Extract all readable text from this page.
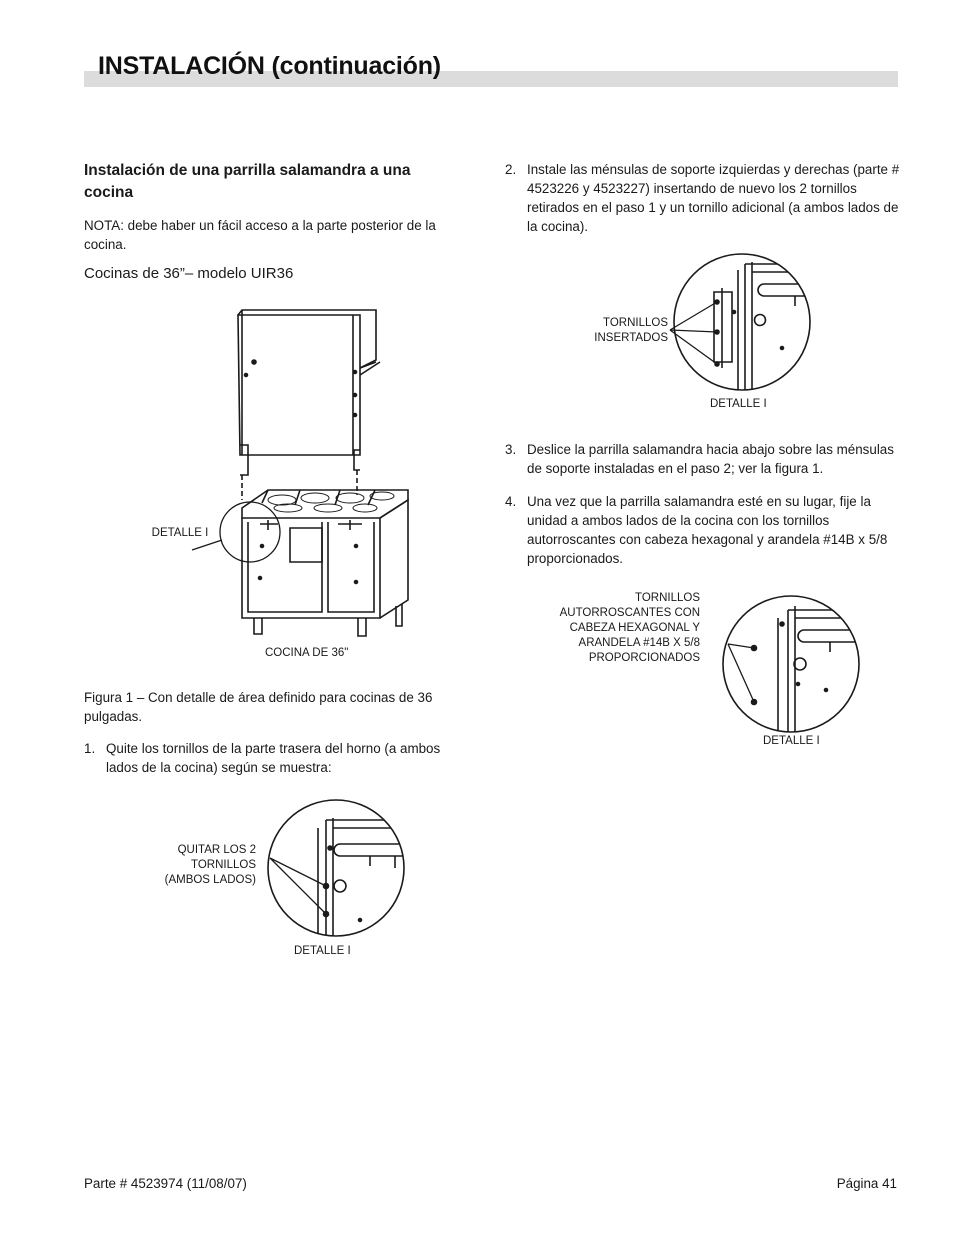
INSTALACIÓN (continuación)
Instalación de una parrilla salamandra a una cocina

NOTA: debe haber un fácil acceso a la parte posterior de la cocina.

Cocinas de 36”– modelo UIR36

DETALLE I

COCINA DE 36"

Figura 1 – Con detalle de área definido para cocinas de 36 pulgadas.

1. Quite los tornillos de la parte trasera del horno (a ambos lados de la cocina) según se muestra:

QUITAR LOS 2 TORNILLOS (AMBOS LADOS)

DETALLE I

2. Instale las ménsulas de soporte izquierdas y derechas (parte # 4523226 y 4523227) insertando de nuevo los 2 tornillos retirados en el paso 1 y un tornillo adicional (a ambos lados de la cocina).

TORNILLOS INSERTADOS

DETALLE I

3. Deslice la parrilla salamandra hacia abajo sobre las ménsulas de soporte instaladas en el paso 2; ver la figura 1.
4. Una vez que la parrilla salamandra esté en su lugar, fije la unidad a ambos lados de la cocina con los tornillos autorroscantes con cabeza hexagonal y arandela #14B x 5/8 proporcionados.

TORNILLOS AUTORROSCANTES CON CABEZA HEXAGONAL Y ARANDELA #14B X 5/8 PROPORCIONADOS

DETALLE I

Parte # 4523974 (11/08/07)	Página 41
